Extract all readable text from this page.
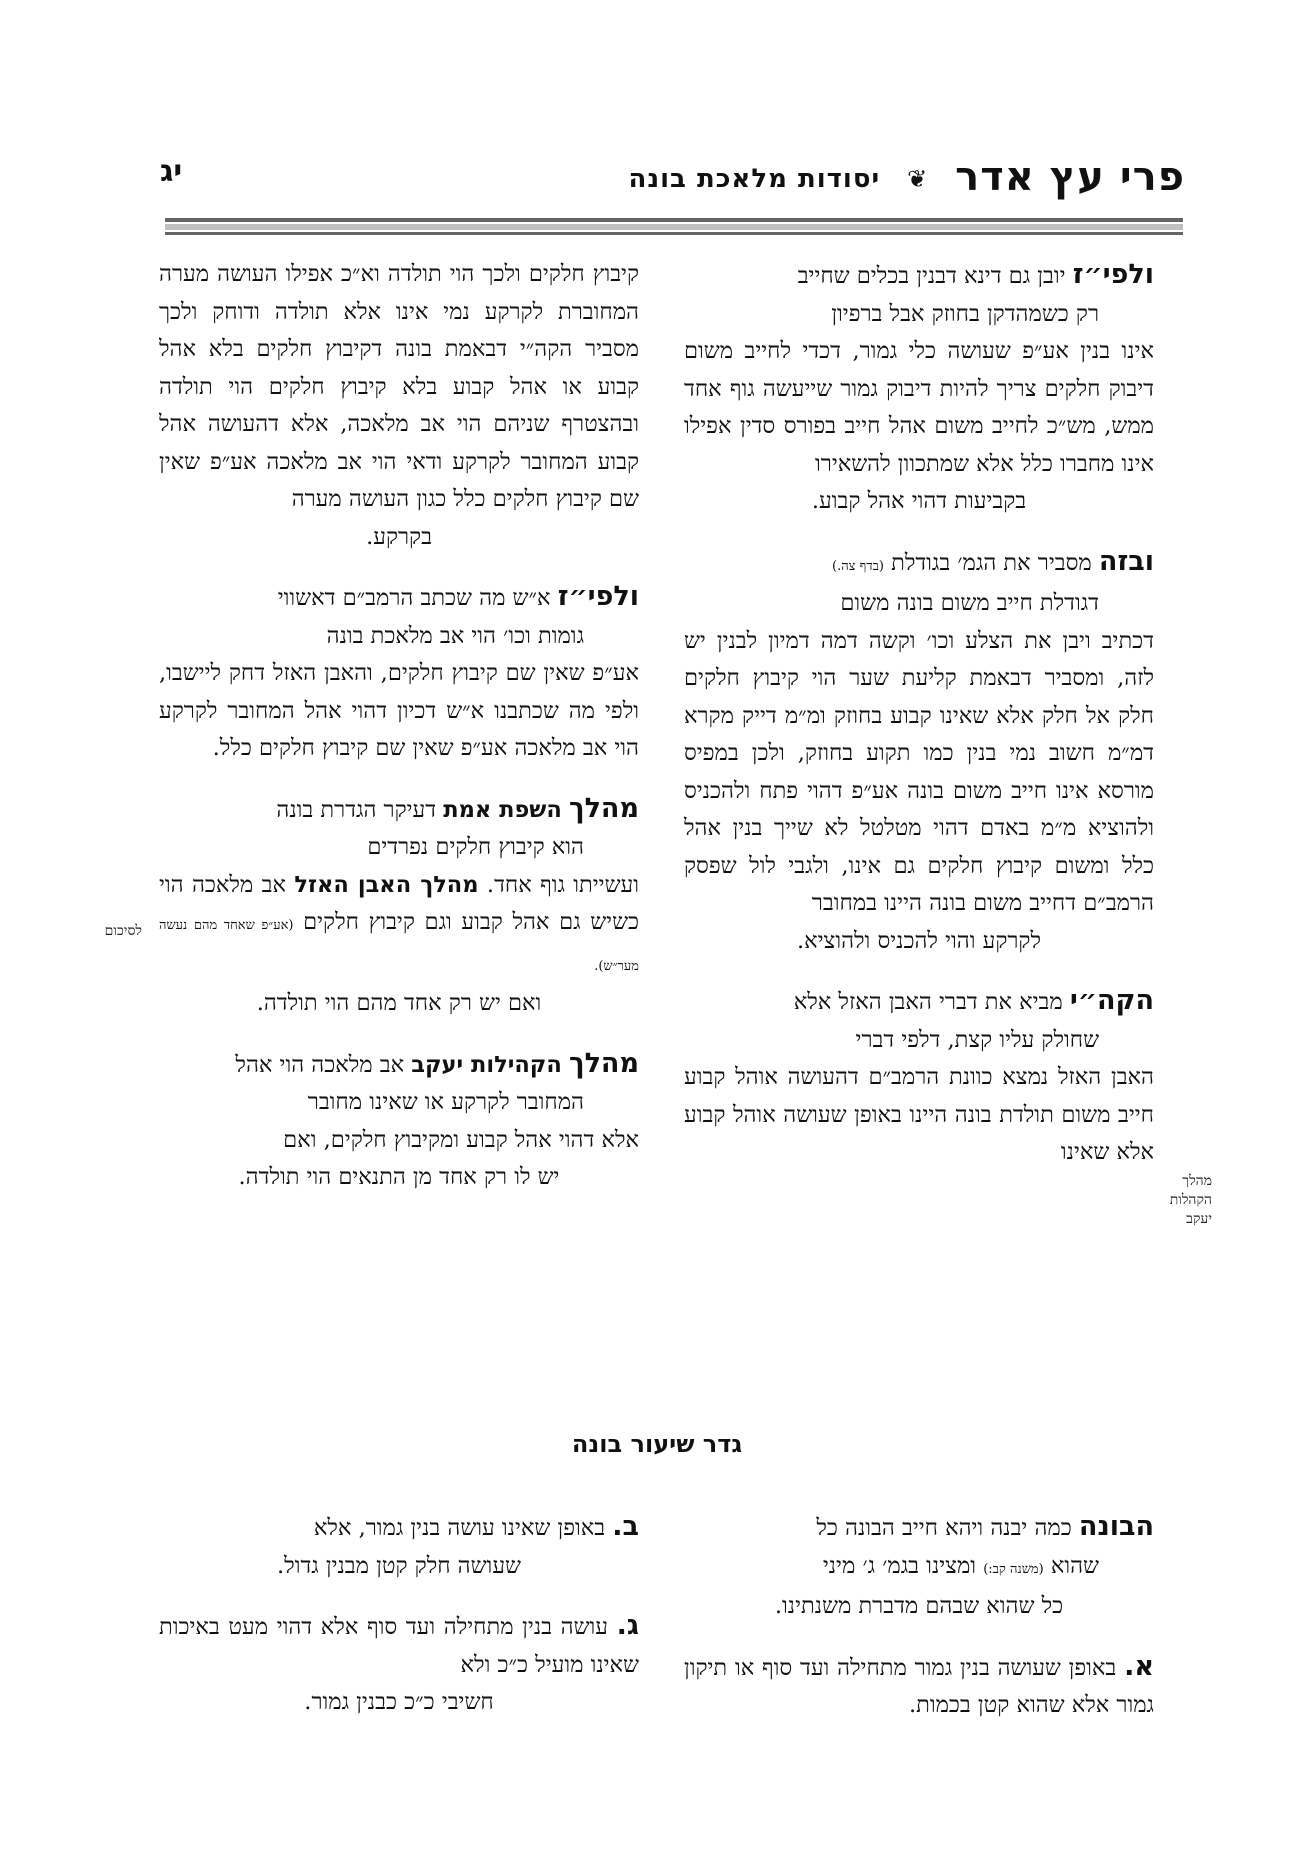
פרי עץ אדר ❦ יסודות מלאכת בונה
יג

ולפי״ז יובן גם דינא דבנין בכלים שחייב
רק כשמהדקן בחוזק אבל ברפיון
אינו בנין אע״פ שעושה כלי גמור, דכדי לחייב משום דיבוק חלקים צריך להיות דיבוק גמור שייעשה גוף אחד ממש, מש״כ לחייב משום אהל חייב בפורס סדין אפילו אינו מחברו כלל אלא שמתכוון להשאירו
בקביעות דהוי אהל קבוע.

ובזה מסביר את הגמ׳ בגודלת (בדף צה.)
דגודלת חייב משום בונה משום
דכתיב ויבן את הצלע וכו׳ וקשה דמה דמיון לבנין יש לזה, ומסביר דבאמת קליעת שער הוי קיבוץ חלקים חלק אל חלק אלא שאינו קבוע בחוזק ומ״מ דייק מקרא דמ״מ חשוב נמי בנין כמו תקוע בחוזק, ולכן במפיס מורסא אינו חייב משום בונה אע״פ דהוי פתח ולהכניס ולהוציא מ״מ באדם דהוי מטלטל לא שייך בנין אהל כלל ומשום קיבוץ חלקים גם אינו, ולגבי לול שפסק הרמב״ם דחייב משום בונה היינו במחובר
לקרקע והוי להכניס ולהוציא.

הקה״י מביא את דברי האבן האזל אלא
שחולק עליו קצת, דלפי דברי
האבן האזל נמצא כוונת הרמב״ם דהעושה אוהל קבוע חייב משום תולדת בונה היינו באופן שעושה אוהל קבוע אלא שאינו

מהלך
הקהלות
יעקב

קיבוץ חלקים ולכך הוי תולדה וא״כ אפילו העושה מערה המחוברת לקרקע נמי אינו אלא תולדה ודוחק ולכך מסביר הקה״י דבאמת בונה דקיבוץ חלקים בלא אהל קבוע או אהל קבוע בלא קיבוץ חלקים הוי תולדה ובהצטרף שניהם הוי אב מלאכה, אלא דהעושה אהל קבוע המחובר לקרקע ודאי הוי אב מלאכה אע״פ שאין שם קיבוץ חלקים כלל כגון העושה מערה
בקרקע.

ולפי״ז א״ש מה שכתב הרמב״ם דאשווי
גומות וכו׳ הוי אב מלאכת בונה
אע״פ שאין שם קיבוץ חלקים, והאבן האזל דחק ליישבו, ולפי מה שכתבנו א״ש דכיון דהוי אהל המחובר לקרקע הוי אב מלאכה אע״פ שאין שם קיבוץ חלקים כלל.

מהלך השפת אמת דעיקר הגדרת בונה
הוא קיבוץ חלקים נפרדים
ועשייתו גוף אחד. מהלך האבן האזל אב מלאכה הוי כשיש גם אהל קבוע וגם קיבוץ חלקים (אע״פ שאחד מהם נעשה מער״ש).
ואם יש רק אחד מהם הוי תולדה.

מהלך הקהילות יעקב אב מלאכה הוי אהל
המחובר לקרקע או שאינו מחובר
אלא דהוי אהל קבוע ומקיבוץ חלקים, ואם
יש לו רק אחד מן התנאים הוי תולדה.

לסיכום
גדר שיעור בונה

הבונה כמה יבנה ויהא חייב הבונה כל
שהוא (משנה קב:) ומצינו בגמ׳ ג׳ מיני
כל שהוא שבהם מדברת משנתינו.

א. באופן שעושה בנין גמור מתחילה ועד סוף או תיקון גמור אלא שהוא קטן בכמות.

ב. באופן שאינו עושה בנין גמור, אלא
שעושה חלק קטן מבנין גדול.

ג. עושה בנין מתחילה ועד סוף אלא דהוי מעט באיכות שאינו מועיל כ״כ ולא
חשיבי כ״כ כבנין גמור.
